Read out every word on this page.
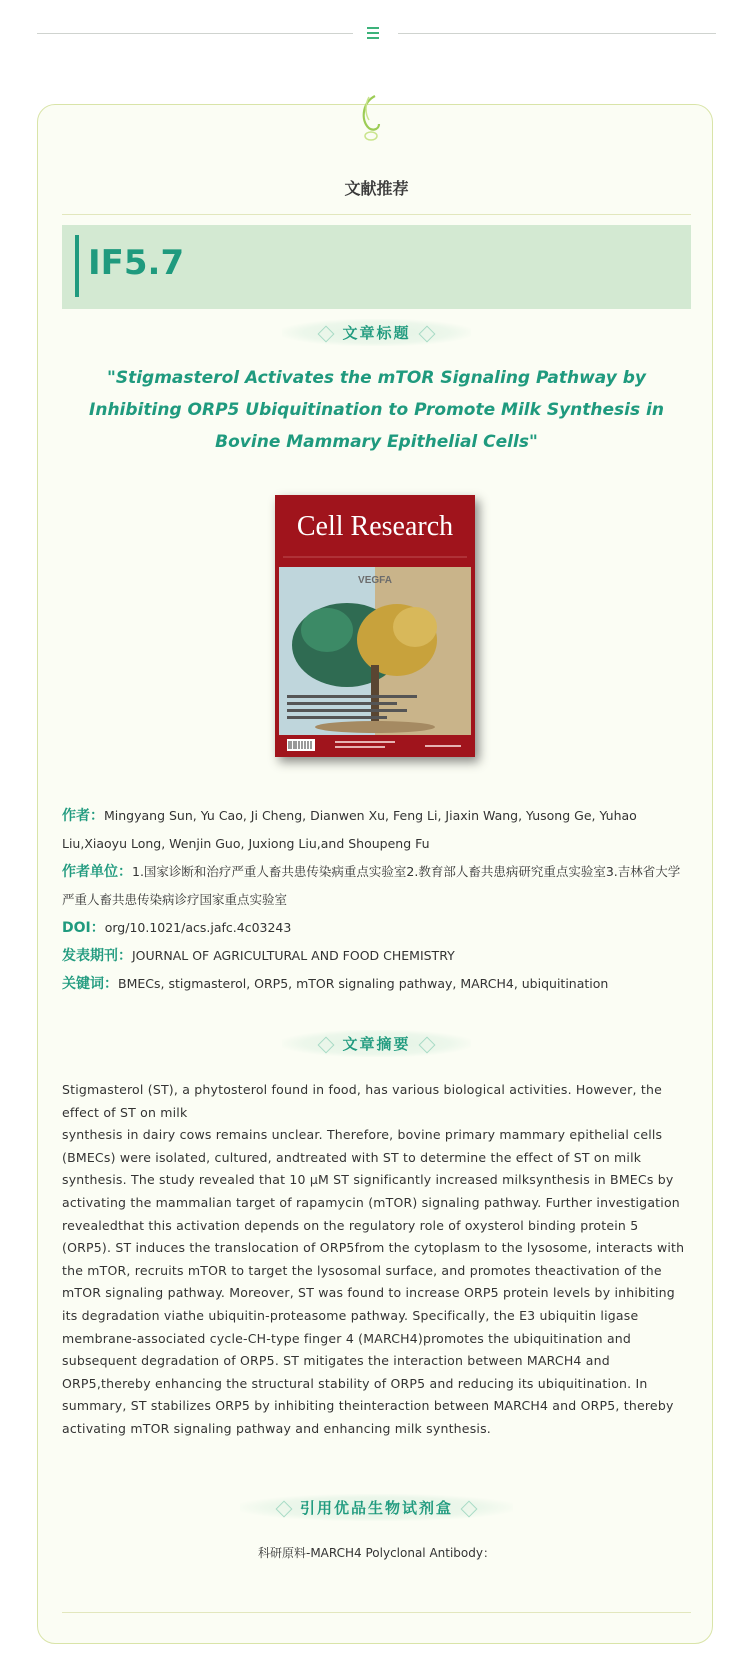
文献推荐
IF5.7
文章标题
"Stigmasterol Activates the mTOR Signaling Pathway by Inhibiting ORP5 Ubiquitination to Promote Milk Synthesis in Bovine Mammary Epithelial Cells"
Cell Research
VEGFA

作者：Mingyang Sun, Yu Cao, Ji Cheng, Dianwen Xu, Feng Li, Jiaxin Wang, Yusong Ge, Yuhao Liu,Xiaoyu Long, Wenjin Guo, Juxiong Liu,and Shoupeng Fu

作者单位：1.国家诊断和治疗严重人畜共患传染病重点实验室2.教育部人畜共患病研究重点实验室3.吉林省大学严重人畜共患传染病诊疗国家重点实验室

DOI：org/10.1021/acs.jafc.4c03243

发表期刊：JOURNAL OF AGRICULTURAL AND FOOD CHEMISTRY

关键词：BMECs, stigmasterol, ORP5, mTOR signaling pathway, MARCH4, ubiquitination

文章摘要

Stigmasterol (ST), a phytosterol found in food, has various biological activities. However, the effect of ST on milk

synthesis in dairy cows remains unclear. Therefore, bovine primary mammary epithelial cells (BMECs) were isolated, cultured, andtreated with ST to determine the effect of ST on milk synthesis. The study revealed that 10 μM ST significantly increased milksynthesis in BMECs by activating the mammalian target of rapamycin (mTOR) signaling pathway. Further investigation revealedthat this activation depends on the regulatory role of oxysterol binding protein 5 (ORP5). ST induces the translocation of ORP5from the cytoplasm to the lysosome, interacts with the mTOR, recruits mTOR to target the lysosomal surface, and promotes theactivation of the mTOR signaling pathway. Moreover, ST was found to increase ORP5 protein levels by inhibiting its degradation viathe ubiquitin-proteasome pathway. Specifically, the E3 ubiquitin ligase membrane-associated cycle-CH-type finger 4 (MARCH4)promotes the ubiquitination and subsequent degradation of ORP5. ST mitigates the interaction between MARCH4 and ORP5,thereby enhancing the structural stability of ORP5 and reducing its ubiquitination. In summary, ST stabilizes ORP5 by inhibiting theinteraction between MARCH4 and ORP5, thereby activating mTOR signaling pathway and enhancing milk synthesis.

引用优品生物试剂盒
科研原料-MARCH4 Polyclonal Antibody：
